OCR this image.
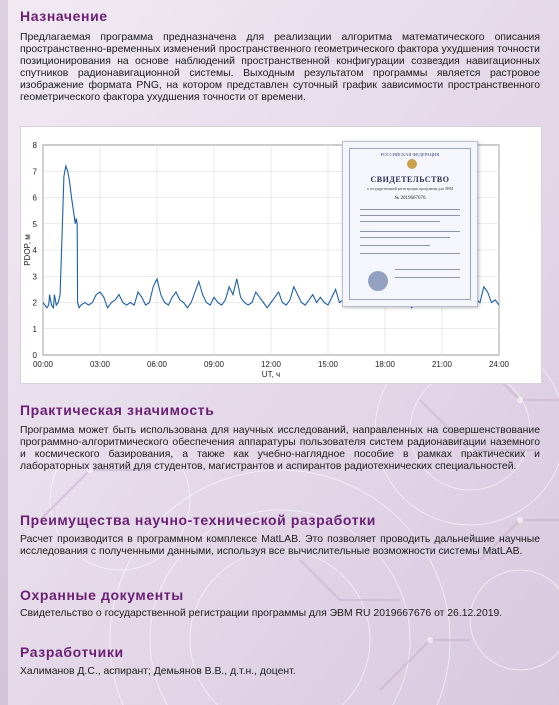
Назначение

Предлагаемая программа предназначена для реализации алгоритма математического описания пространственно-временных изменений пространственного геометрического фактора ухудшения точности позиционирования на основе наблюдений пространственной конфигурации созвездия навигационных спутников радионавигационной системы. Выходным результатом программы является растровое изображение формата PNG, на котором представлен суточный график зависимости пространственного геометрического фактора ухудшения точности от времени.

00:00	03:00	06:00	09:00	12:00	15:00	18:00	21:00	24:00
0
1
2
3
4
5
6
7
8
UT, ч
PDOP, м
РОССИЙСКАЯ ФЕДЕРАЦИЯ
СВИДЕТЕЛЬСТВО
о государственной регистрации программы для ЭВМ
№ 2019667676
Практическая значимость

Программа может быть использована для научных исследований, направленных на совершенствование программно-алгоритмического обеспечения аппаратуры пользователя систем радионавигации наземного и космического базирования, а также как учебно-наглядное пособие в рамках практических и лабораторных занятий для студентов, магистрантов и аспирантов радиотехнических специальностей.

Преимущества научно-технической разработки

Расчет производится в программном комплексе MatLAB. Это позволяет проводить дальнейшие научные исследования с полученными данными, используя все вычислительные возможности системы MatLAB.

Охранные документы

Свидетельство о государственной регистрации программы для ЭВМ RU 2019667676 от 26.12.2019.

Разработчики

Халиманов Д.С., аспирант; Демьянов В.В., д.т.н., доцент.
